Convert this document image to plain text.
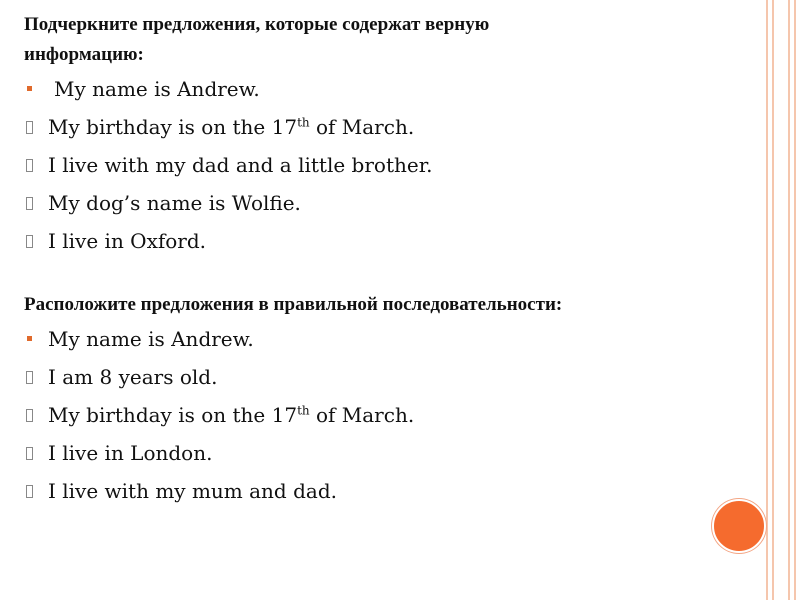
Подчеркните предложения, которые содержат верную
информацию:

My name is Andrew.
My birthday is on the 17th of March.
I live with my dad and a little brother.
My dog’s name is Wolfie.
I live in Oxford.

Расположите предложения в правильной последовательности:

My name is Andrew.
I am 8 years old.
My birthday is on the 17th of March.
I live in London.
I live with my mum and dad.
